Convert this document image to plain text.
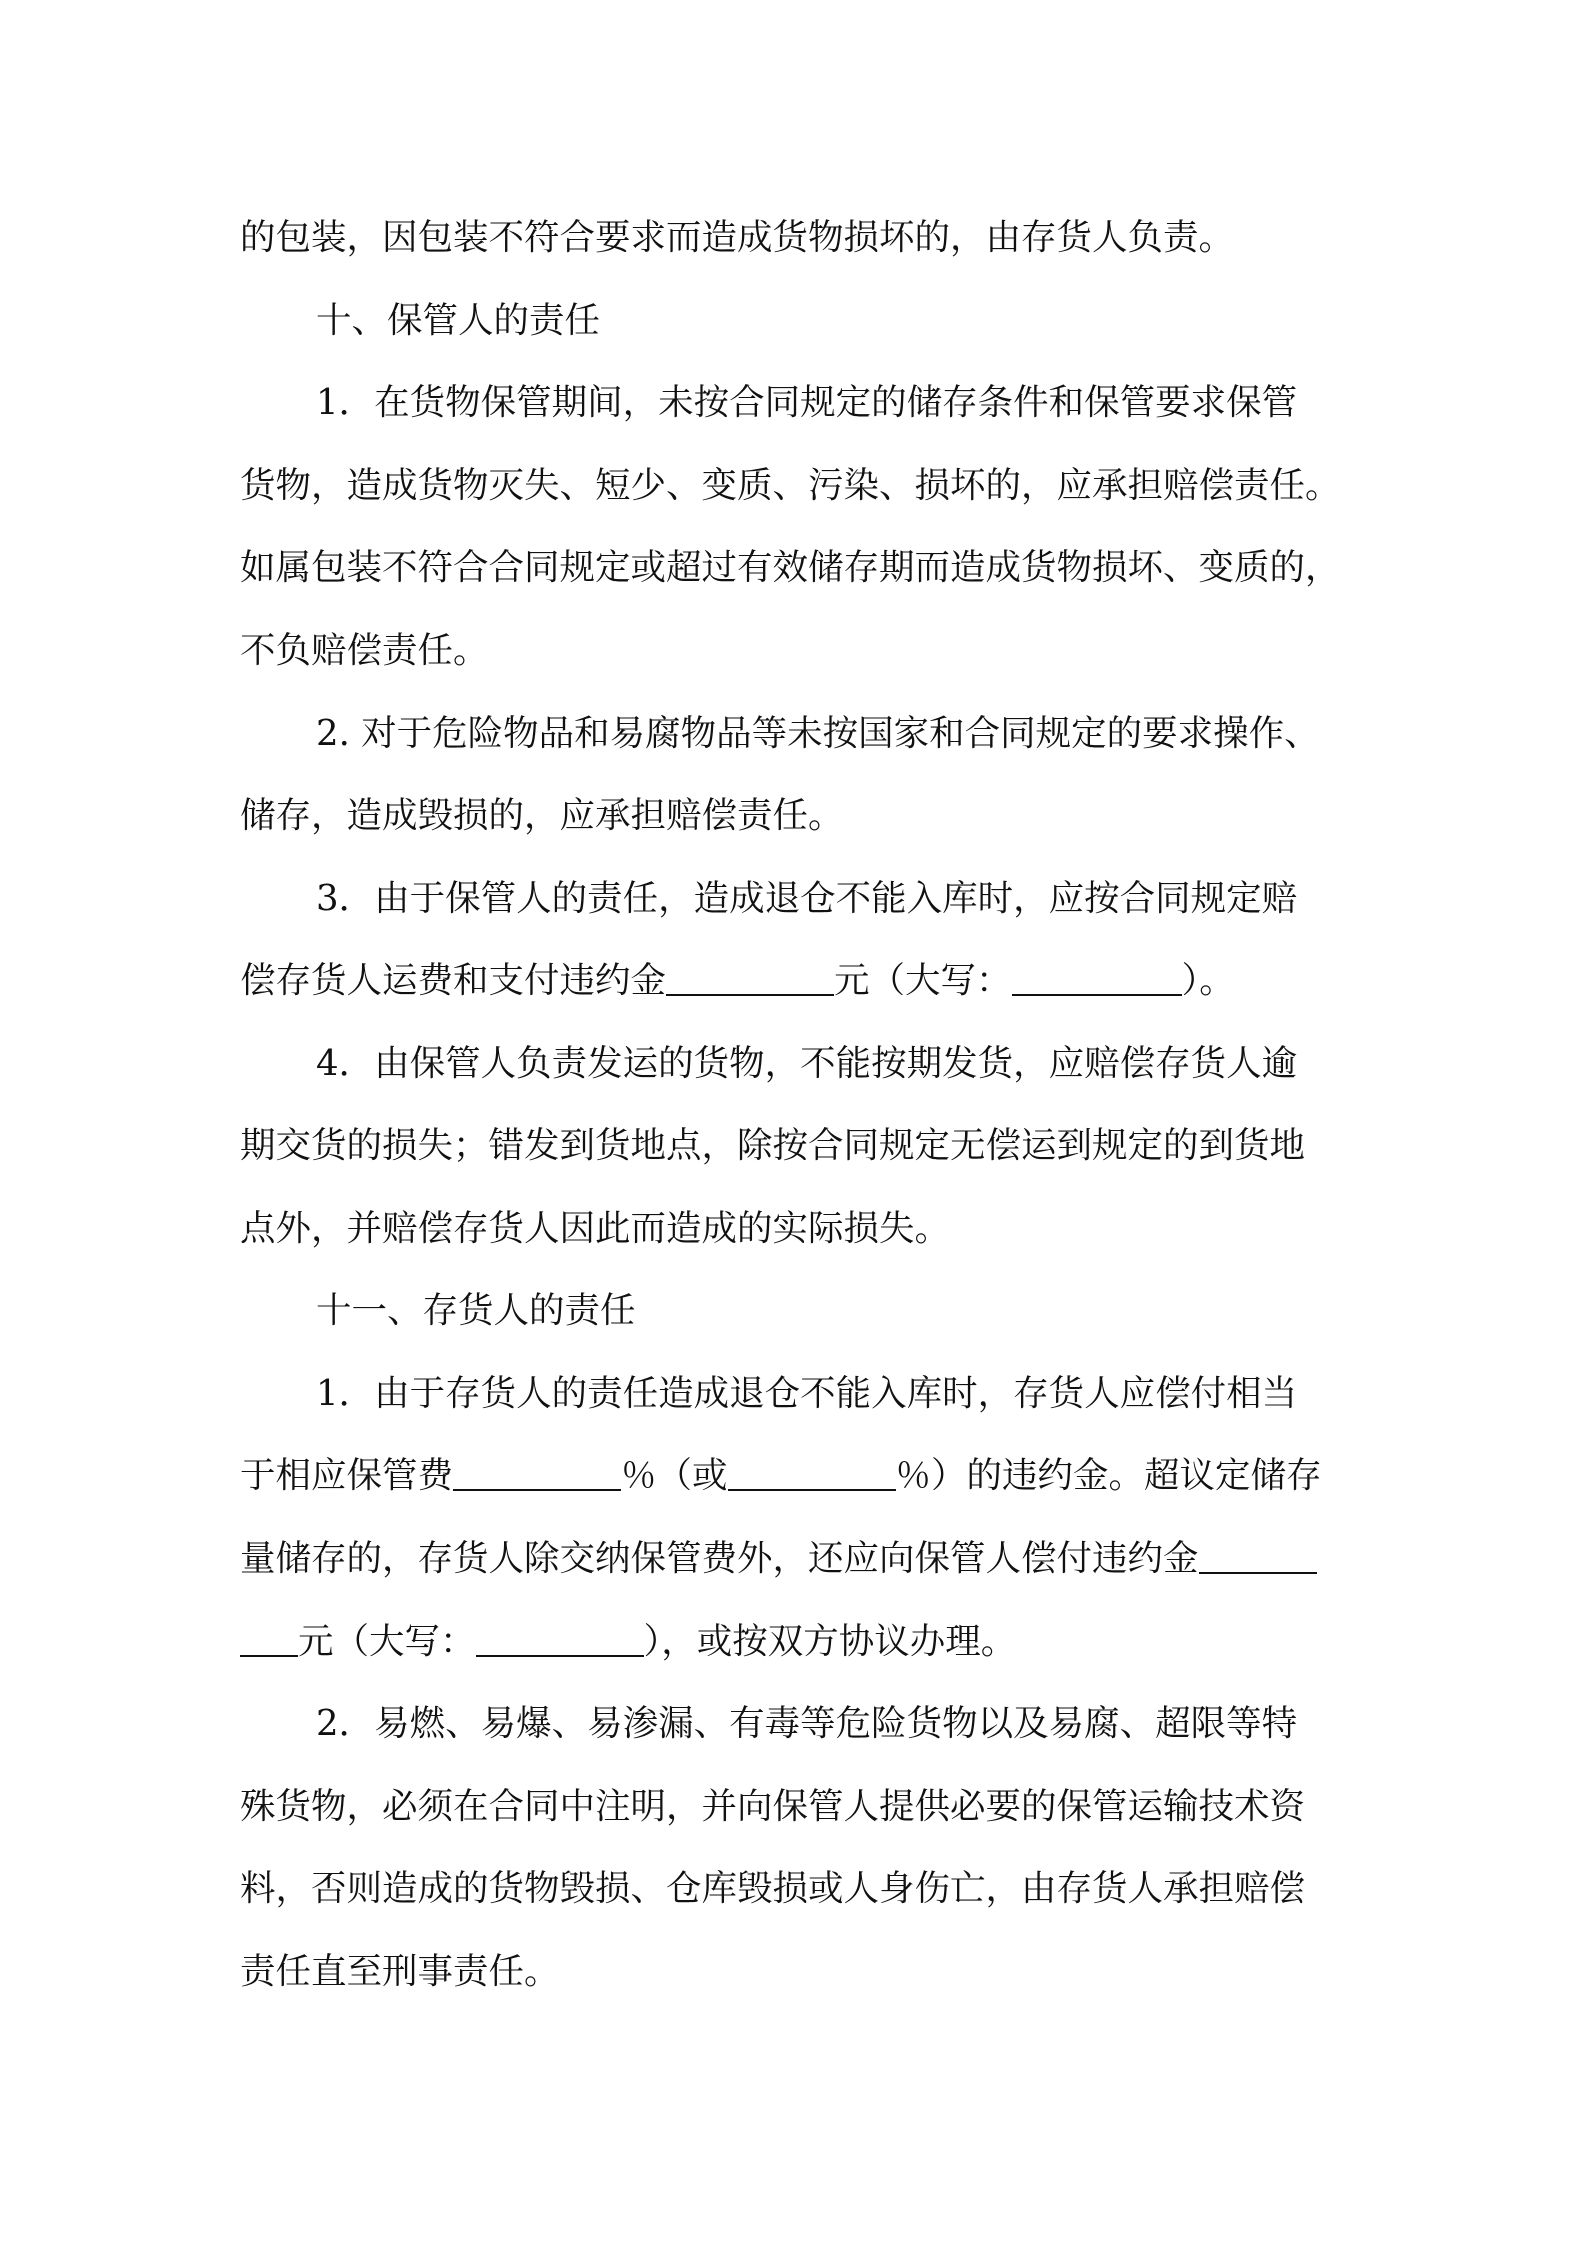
的包装，因包装不符合要求而造成货物损坏的，由存货人负责。

十、保管人的责任

1．在货物保管期间，未按合同规定的储存条件和保管要求保管

货物，造成货物灭失、短少、变质、污染、损坏的，应承担赔偿责任。

如属包装不符合合同规定或超过有效储存期而造成货物损坏、变质的，

不负赔偿责任。

2. 对于危险物品和易腐物品等未按国家和合同规定的要求操作、

储存，造成毁损的，应承担赔偿责任。

3．由于保管人的责任，造成退仓不能入库时，应按合同规定赔

偿存货人运费和支付违约金	元（大写：	）。

4．由保管人负责发运的货物，不能按期发货，应赔偿存货人逾

期交货的损失；错发到货地点，除按合同规定无偿运到规定的到货地

点外，并赔偿存货人因此而造成的实际损失。

十一、存货人的责任

1．由于存货人的责任造成退仓不能入库时，存货人应偿付相当

于相应保管费	％（或	％）的违约金。超议定储存

量储存的，存货人除交纳保管费外，还应向保管人偿付违约金

元（大写：	），或按双方协议办理。

2．易燃、易爆、易渗漏、有毒等危险货物以及易腐、超限等特

殊货物，必须在合同中注明，并向保管人提供必要的保管运输技术资

料，否则造成的货物毁损、仓库毁损或人身伤亡，由存货人承担赔偿

责任直至刑事责任。
